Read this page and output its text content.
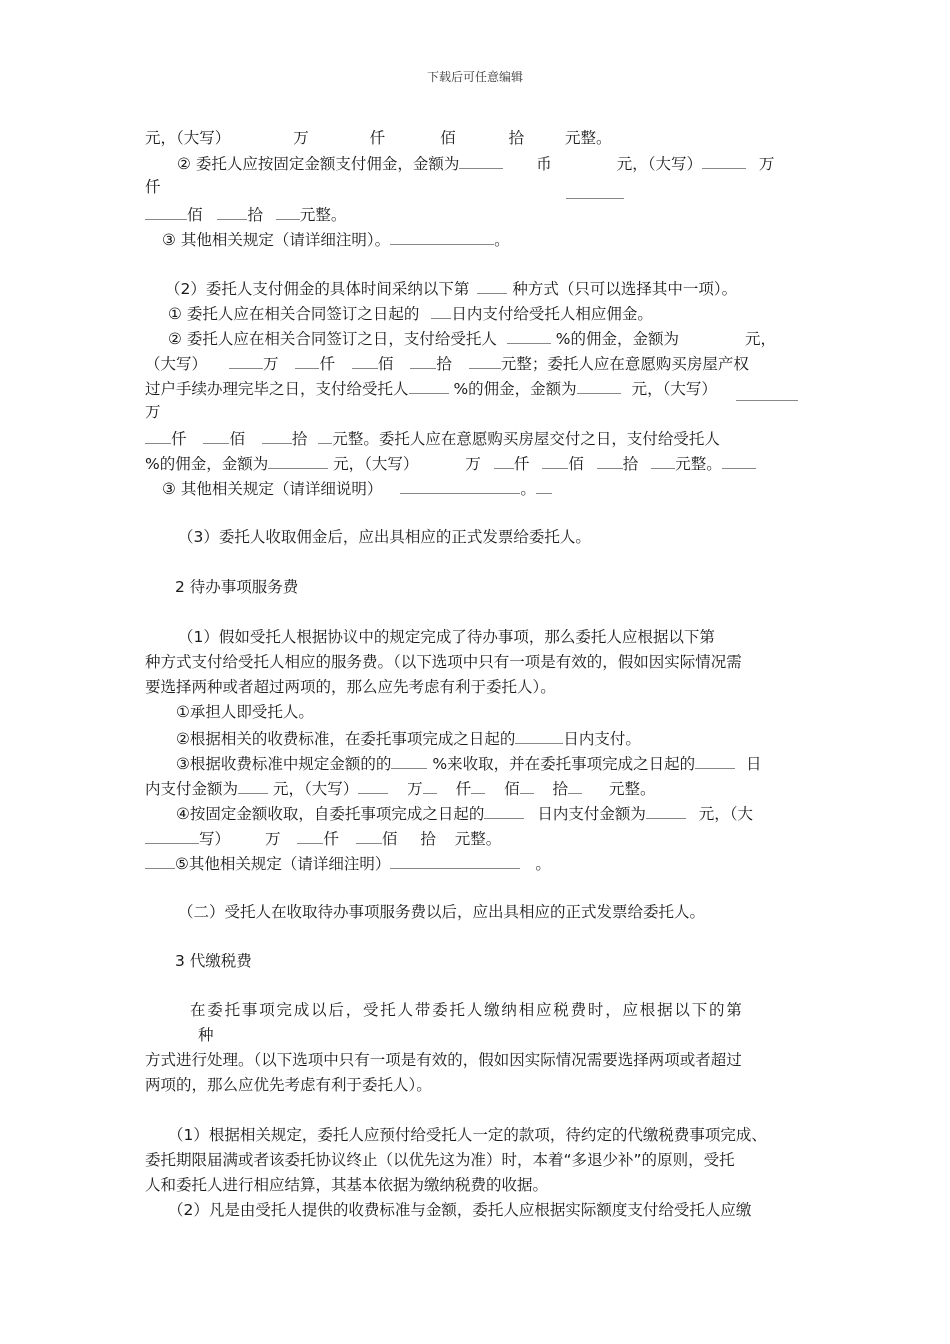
下载后可任意编辑
元，（大写）	万	仟	佰	拾	元整。
② 委托人应按固定金额支付佣金，金额为	币	元，（大写）	万
仟
佰	拾 元整。
③ 其他相关规定（请详细注明）。	。
（2）委托人支付佣金的具体时间采纳以下第	种方式（只可以选择其中一项）。
① 委托人应在相关合同签订之日起的 日内支付给受托人相应佣金。
② 委托人应在相关合同签订之日，支付给受托人	%的佣金，金额为	元，
（大写）	万	仟	佰	拾	元整；委托人应在意愿购买房屋产权
过户手续办理完毕之日，支付给受托人	%的佣金，金额为	元，（大写）
万
仟	佰	拾 元整。委托人应在意愿购买房屋交付之日，支付给受托人
%的佣金，金额为	元，（大写）	万 仟	佰	拾 元整。
③ 其他相关规定（请详细说明）	。
（3）委托人收取佣金后，应出具相应的正式发票给委托人。
2 待办事项服务费
（1）假如受托人根据协议中的规定完成了待办事项，那么委托人应根据以下第
种方式支付给受托人相应的服务费。（以下选项中只有一项是有效的，假如因实际情况需
要选择两种或者超过两项的，那么应先考虑有利于委托人）。
①承担人即受托人。
②根据相关的收费标准，在委托事项完成之日起的	日内支付。
③根据收费标准中规定金额的的	%来收取，并在委托事项完成之日起的	日
内支付金额为 元，（大写）	万 仟 佰 拾	元整。
④按固定金额收取，自委托事项完成之日起的	日内支付金额为	元，（大
写） 万	仟	佰 拾 元整。
⑤其他相关规定（请详细注明）	。
（二）受托人在收取待办事项服务费以后，应出具相应的正式发票给委托人。
3 代缴税费
在委托事项完成以后，受托人带委托人缴纳相应税费时，应根据以下的第
种
方式进行处理。（以下选项中只有一项是有效的，假如因实际情况需要选择两项或者超过
两项的，那么应优先考虑有利于委托人）。
（1）根据相关规定，委托人应预付给受托人一定的款项，待约定的代缴税费事项完成、
委托期限届满或者该委托协议终止（以优先这为准）时，本着“多退少补”的原则，受托
人和委托人进行相应结算，其基本依据为缴纳税费的收据。
（2）凡是由受托人提供的收费标准与金额，委托人应根据实际额度支付给受托人应缴
